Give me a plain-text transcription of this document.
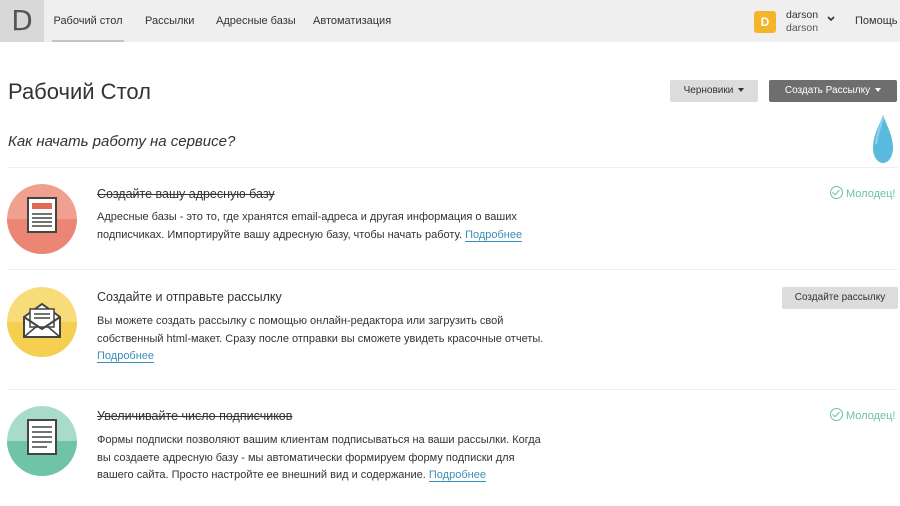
D	Рабочий стол Рассылки Адресные базы Автоматизация	D	darson
darson
Помощь
Рабочий Стол	Черновики	Создать Рассылку
Как начать работу на сервисе?
Создайте вашу адресную базу
Адресные базы - это то, где хранятся email-адреса и другая информация о ваших подписчиках. Импортируйте вашу адресную базу, чтобы начать работу. Подробнее
Молодец!
Создайте и отправьте рассылку
Вы можете создать рассылку с помощью онлайн-редактора или загрузить свой собственный html-макет. Сразу после отправки вы сможете увидеть красочные отчеты. Подробнее
Создайте рассылку
Увеличивайте число подписчиков
Формы подписки позволяют вашим клиентам подписываться на ваши рассылки. Когда вы создаете адресную базу - мы автоматически формируем форму подписки для вашего сайта. Просто настройте ее внешний вид и содержание. Подробнее
Молодец!
